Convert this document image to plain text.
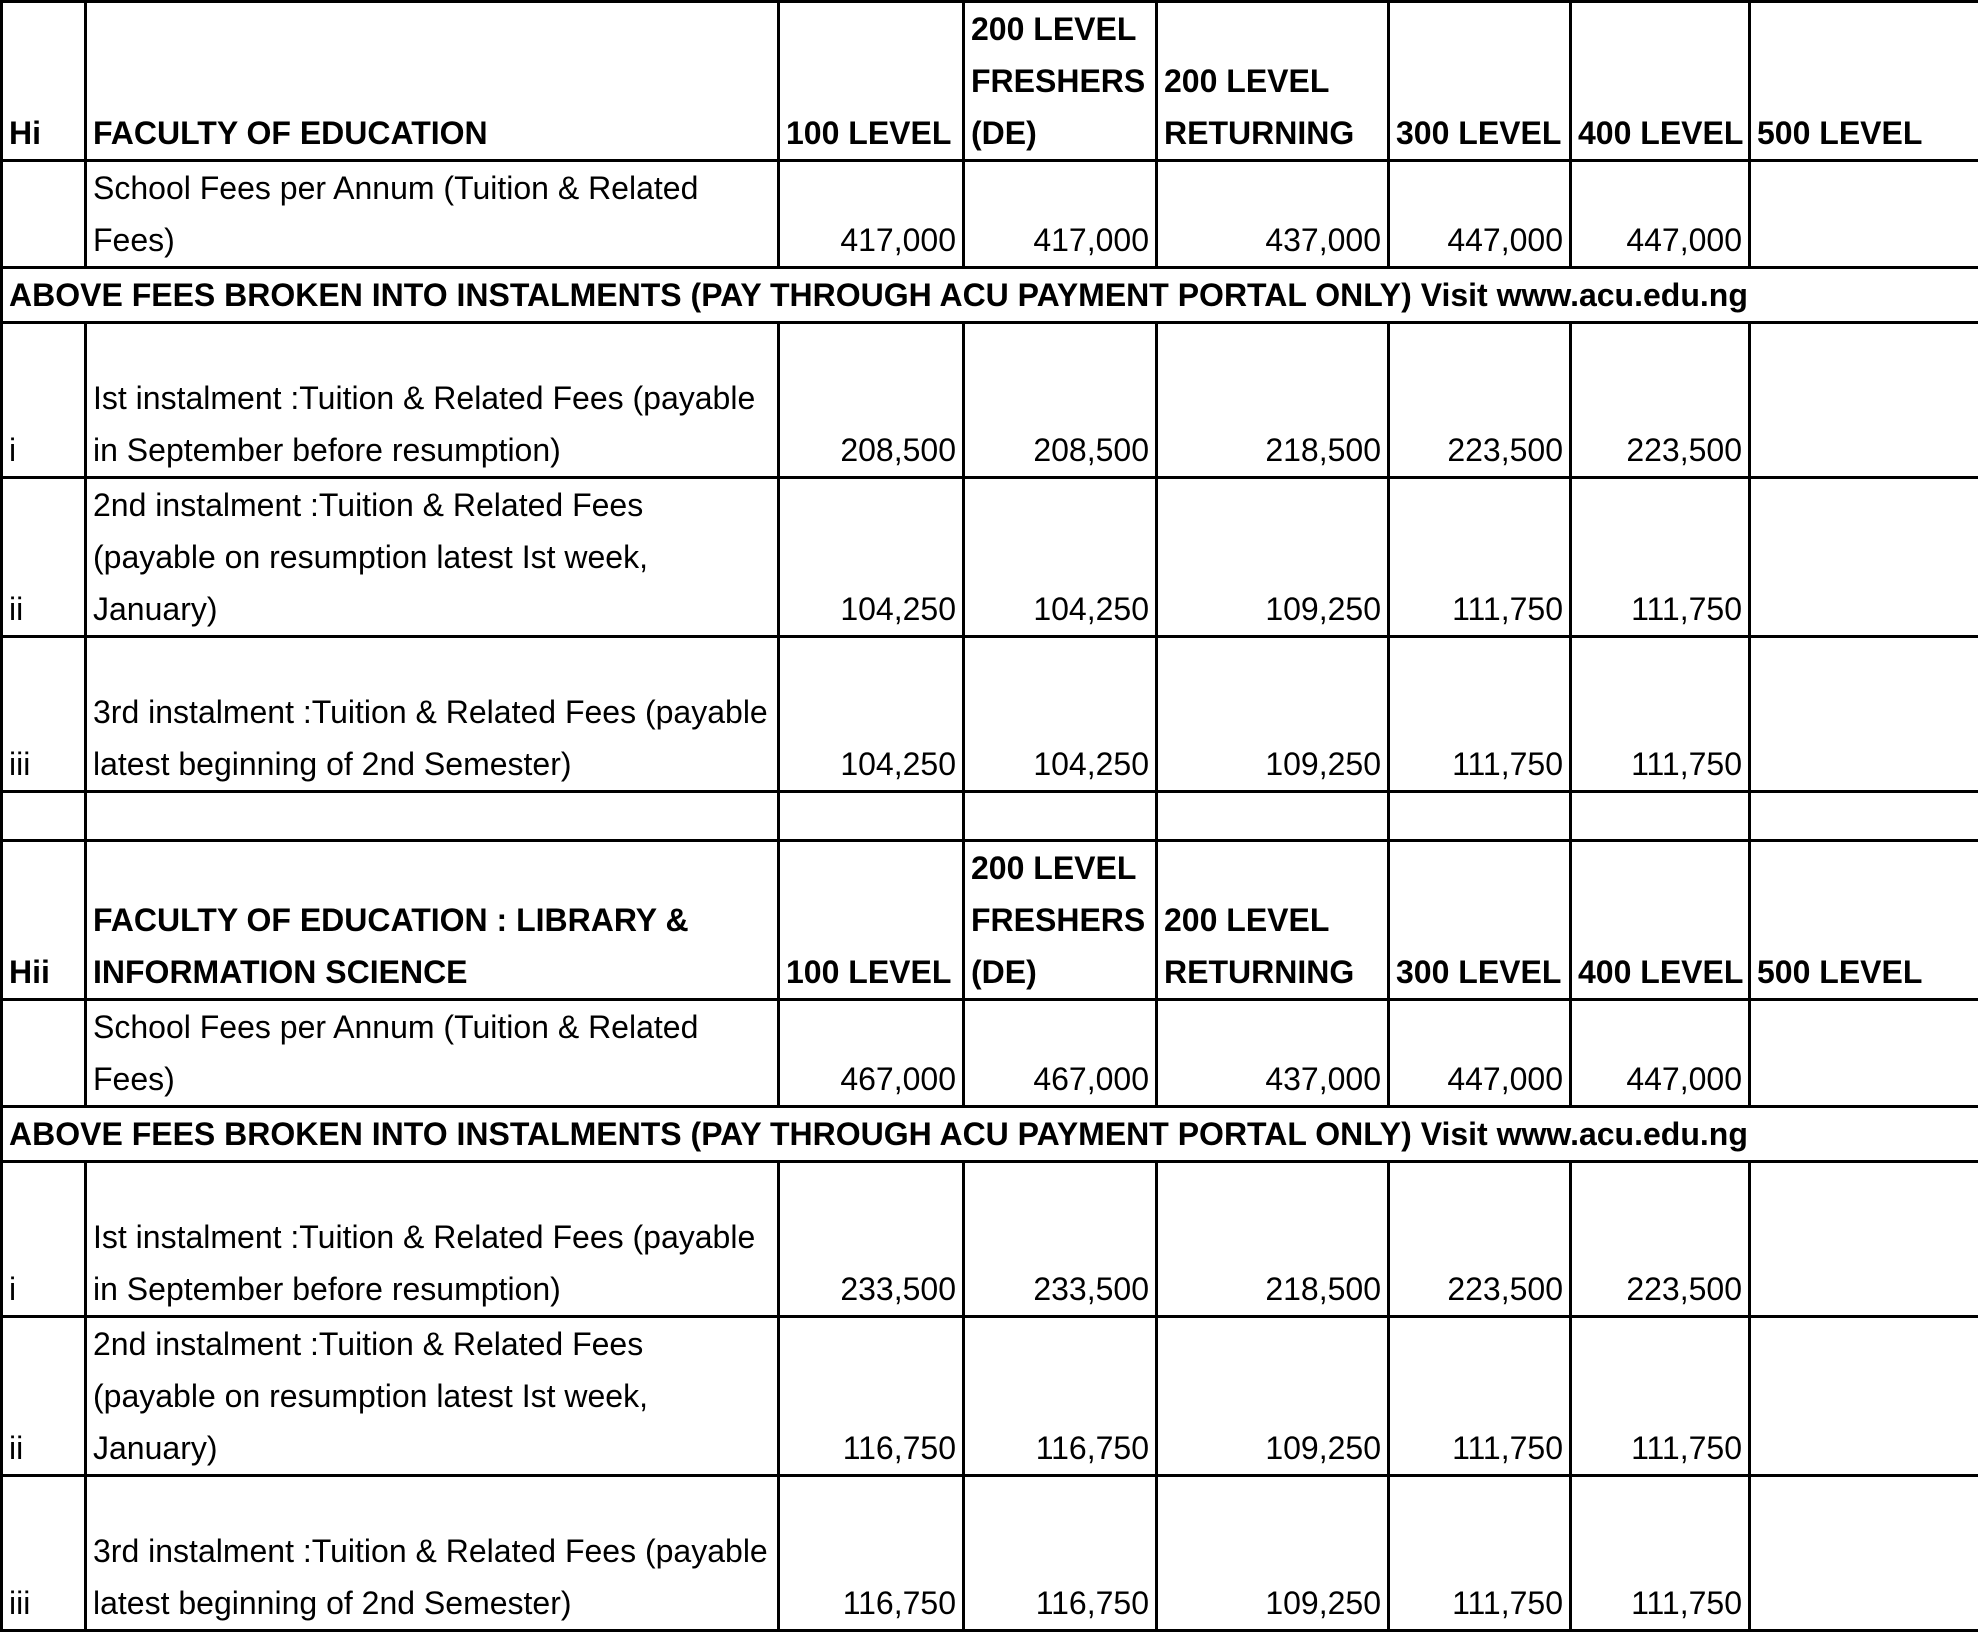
Hi	FACULTY OF EDUCATION	100 LEVEL	200 LEVEL FRESHERS (DE)	200 LEVEL RETURNING	300 LEVEL	400 LEVEL	500 LEVEL
	School Fees per Annum (Tuition & Related Fees)	417,000	417,000	437,000	447,000	447,000	
ABOVE FEES BROKEN INTO INSTALMENTS (PAY THROUGH ACU PAYMENT PORTAL ONLY) Visit www.acu.edu.ng							
i	Ist instalment :Tuition & Related Fees (payable in September before resumption)	208,500	208,500	218,500	223,500	223,500	
ii	2nd instalment :Tuition & Related Fees (payable on resumption latest Ist week, January)	104,250	104,250	109,250	111,750	111,750	
iii	3rd instalment :Tuition & Related Fees (payable latest beginning of 2nd Semester)	104,250	104,250	109,250	111,750	111,750	

Hii	FACULTY OF EDUCATION : LIBRARY & INFORMATION SCIENCE	100 LEVEL	200 LEVEL FRESHERS (DE)	200 LEVEL RETURNING	300 LEVEL	400 LEVEL	500 LEVEL
	School Fees per Annum (Tuition & Related Fees)	467,000	467,000	437,000	447,000	447,000	
ABOVE FEES BROKEN INTO INSTALMENTS (PAY THROUGH ACU PAYMENT PORTAL ONLY) Visit www.acu.edu.ng							
i	Ist instalment :Tuition & Related Fees (payable in September before resumption)	233,500	233,500	218,500	223,500	223,500	
ii	2nd instalment :Tuition & Related Fees (payable on resumption latest Ist week, January)	116,750	116,750	109,250	111,750	111,750	
iii	3rd instalment :Tuition & Related Fees (payable latest beginning of 2nd Semester)	116,750	116,750	109,250	111,750	111,750	
